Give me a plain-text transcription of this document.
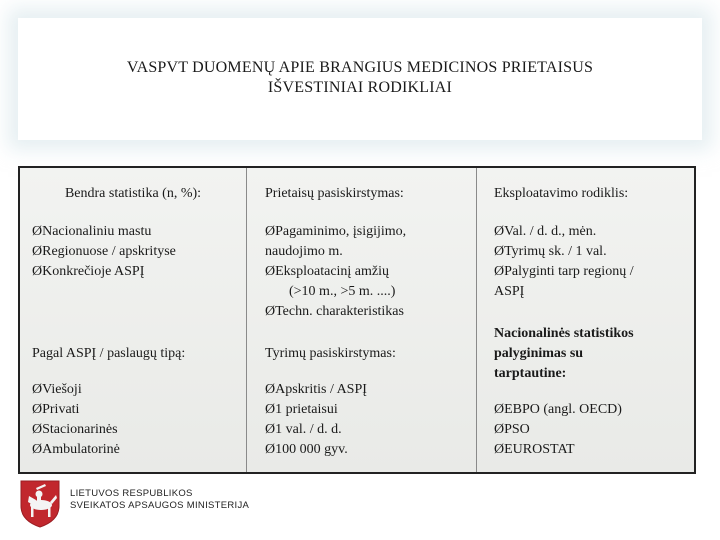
VASPVT DUOMENŲ APIE BRANGIUS MEDICINOS PRIETAISUS
IŠVESTINIAI RODIKLIAI
Bendra statistika (n, %):
ØNacionaliniu mastu
ØRegionuose / apskrityse
ØKonkrečioje ASPĮ
Pagal ASPĮ / paslaugų tipą:
ØViešoji
ØPrivati
ØStacionarinės
ØAmbulatorinė
Prietaisų pasiskirstymas:
ØPagaminimo, įsigijimo,
naudojimo m.
ØEksploatacinį amžių
(>10 m., >5 m. ....)
ØTechn. charakteristikas
Tyrimų pasiskirstymas:
ØApskritis / ASPĮ
Ø1 prietaisui
Ø1 val. / d. d.
Ø100 000 gyv.
Eksploatavimo rodiklis:
ØVal. / d. d., mėn.
ØTyrimų sk. / 1 val.
ØPalyginti tarp regionų /
ASPĮ
Nacionalinės statistikos
palyginimas su
tarptautine:
ØEBPO (angl. OECD)
ØPSO
ØEUROSTAT
LIETUVOS RESPUBLIKOS
SVEIKATOS APSAUGOS MINISTERIJA
